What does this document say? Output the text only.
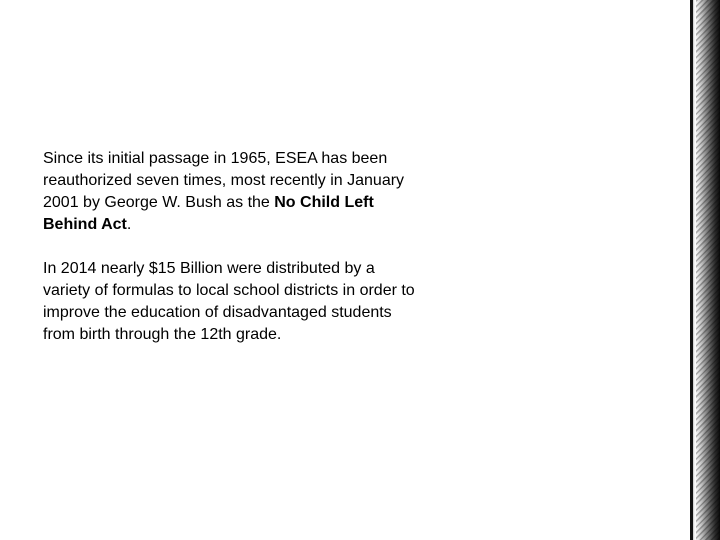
Since its initial passage in 1965, ESEA has been reauthorized seven times, most recently in January 2001 by George W. Bush as the No Child Left Behind Act.

In 2014 nearly $15 Billion were distributed by a variety of formulas to local school districts in order to improve the education of disadvantaged students from birth through the 12th grade.
